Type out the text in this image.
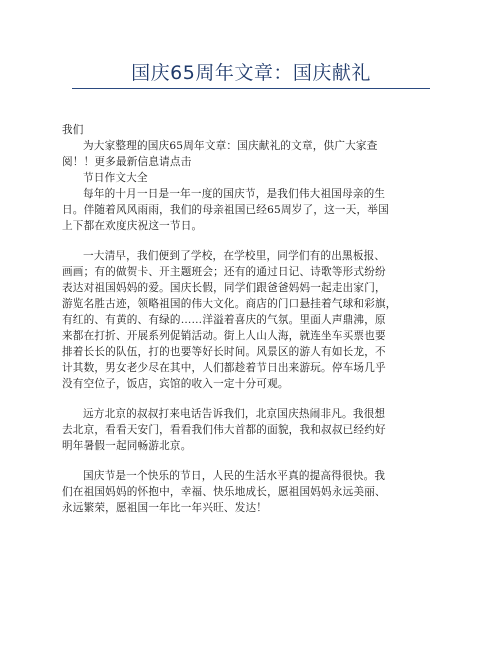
国庆65周年文章：国庆献礼
我们
为大家整理的国庆65周年文章：国庆献礼的文章，供广大家查
阅！！更多最新信息请点击
节日作文大全
每年的十月一日是一年一度的国庆节，是我们伟大祖国母亲的生
日。伴随着风风雨雨，我们的母亲祖国已经65周岁了，这一天，举国
上下都在欢度庆祝这一节日。
一大清早，我们便到了学校，在学校里，同学们有的出黑板报、
画画；有的做贺卡、开主题班会；还有的通过日记、诗歌等形式纷纷
表达对祖国妈妈的爱。国庆长假，同学们跟爸爸妈妈一起走出家门，
游览名胜古迹，领略祖国的伟大文化。商店的门口悬挂着气球和彩旗，
有红的、有黄的、有绿的……洋溢着喜庆的气氛。里面人声鼎沸，原
来都在打折、开展系列促销活动。街上人山人海，就连坐车买票也要
排着长长的队伍，打的也要等好长时间。风景区的游人有如长龙，不
计其数，男女老少尽在其中，人们都趁着节日出来游玩。停车场几乎
没有空位子，饭店，宾馆的收入一定十分可观。
远方北京的叔叔打来电话告诉我们，北京国庆热闹非凡。我很想
去北京，看看天安门，看看我们伟大首都的面貌，我和叔叔已经约好
明年暑假一起同畅游北京。
国庆节是一个快乐的节日，人民的生活水平真的提高得很快。我
们在祖国妈妈的怀抱中，幸福、快乐地成长，愿祖国妈妈永远美丽、
永远繁荣，愿祖国一年比一年兴旺、发达！
